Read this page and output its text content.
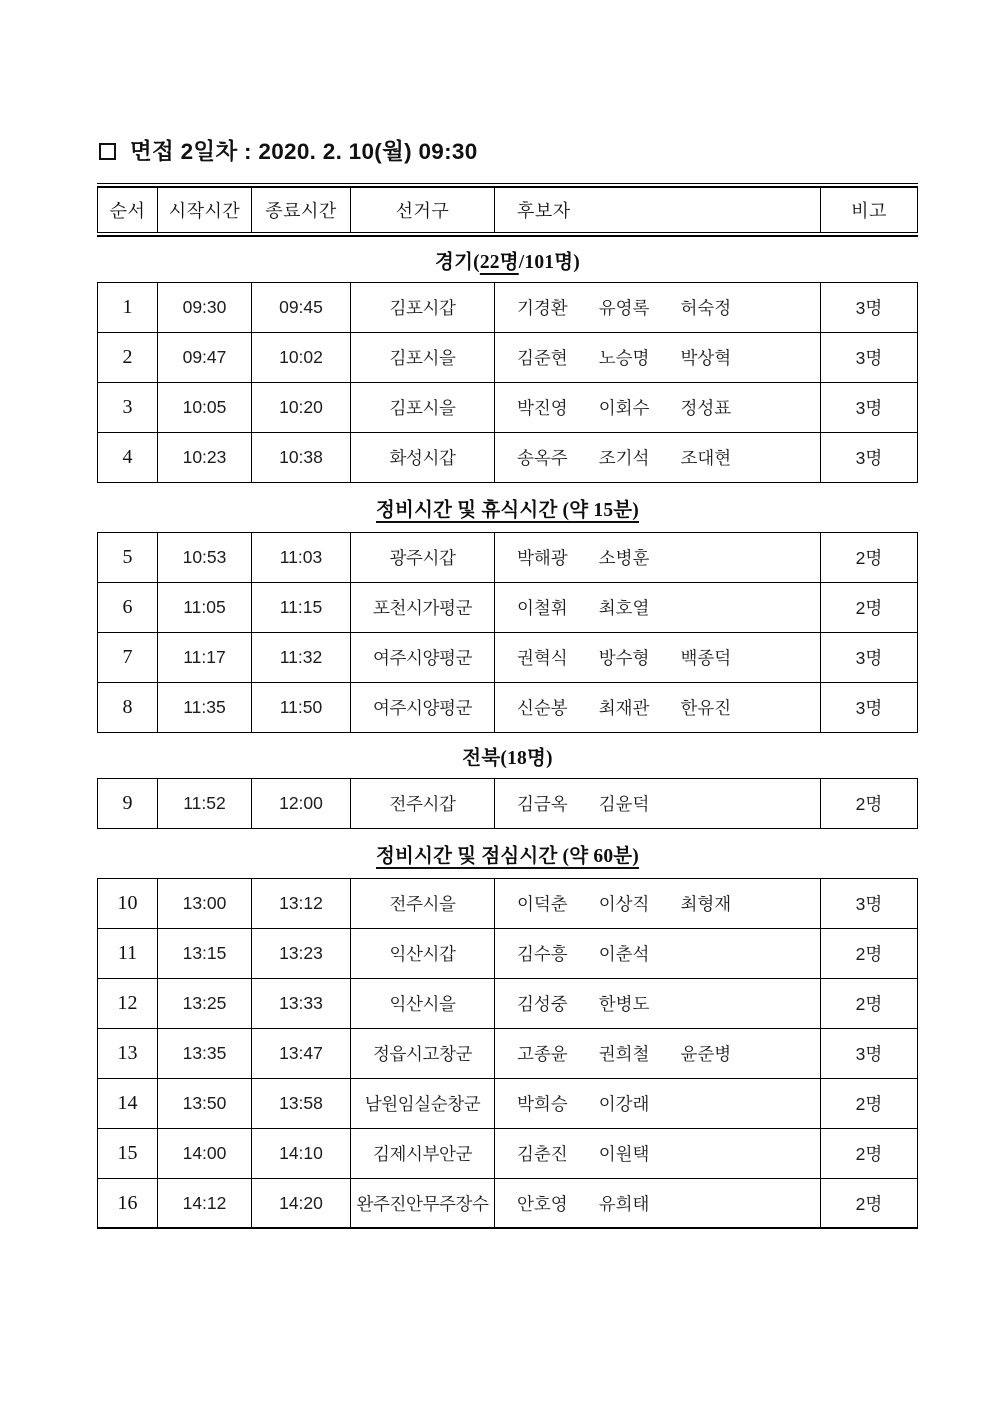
면접 2일차 : 2020. 2. 10(월) 09:30
순서	시작시간	종료시간	선거구	후보자	비고
경기( 22명 /101명)
1	09:30	09:45	김포시갑	기경환 유영록 허숙정	3명
2	09:47	10:02	김포시을	김준현 노승명 박상혁	3명
3	10:05	10:20	김포시을	박진영 이회수 정성표	3명
4	10:23	10:38	화성시갑	송옥주 조기석 조대현	3명
정비시간 및 휴식시간 (약 15분)
5	10:53	11:03	광주시갑	박해광 소병훈	2명
6	11:05	11:15	포천시가평군	이철휘 최호열	2명
7	11:17	11:32	여주시양평군	권혁식 방수형 백종덕	3명
8	11:35	11:50	여주시양평군	신순봉 최재관 한유진	3명
전북(18명)
9	11:52	12:00	전주시갑	김금옥 김윤덕	2명
정비시간 및 점심시간 (약 60분)
10	13:00	13:12	전주시을	이덕춘 이상직 최형재	3명
11	13:15	13:23	익산시갑	김수흥 이춘석	2명
12	13:25	13:33	익산시을	김성중 한병도	2명
13	13:35	13:47	정읍시고창군	고종윤 권희철 윤준병	3명
14	13:50	13:58	남원임실순창군	박희승 이강래	2명
15	14:00	14:10	김제시부안군	김춘진 이원택	2명
16	14:12	14:20	완주진안무주장수	안호영 유희태	2명
